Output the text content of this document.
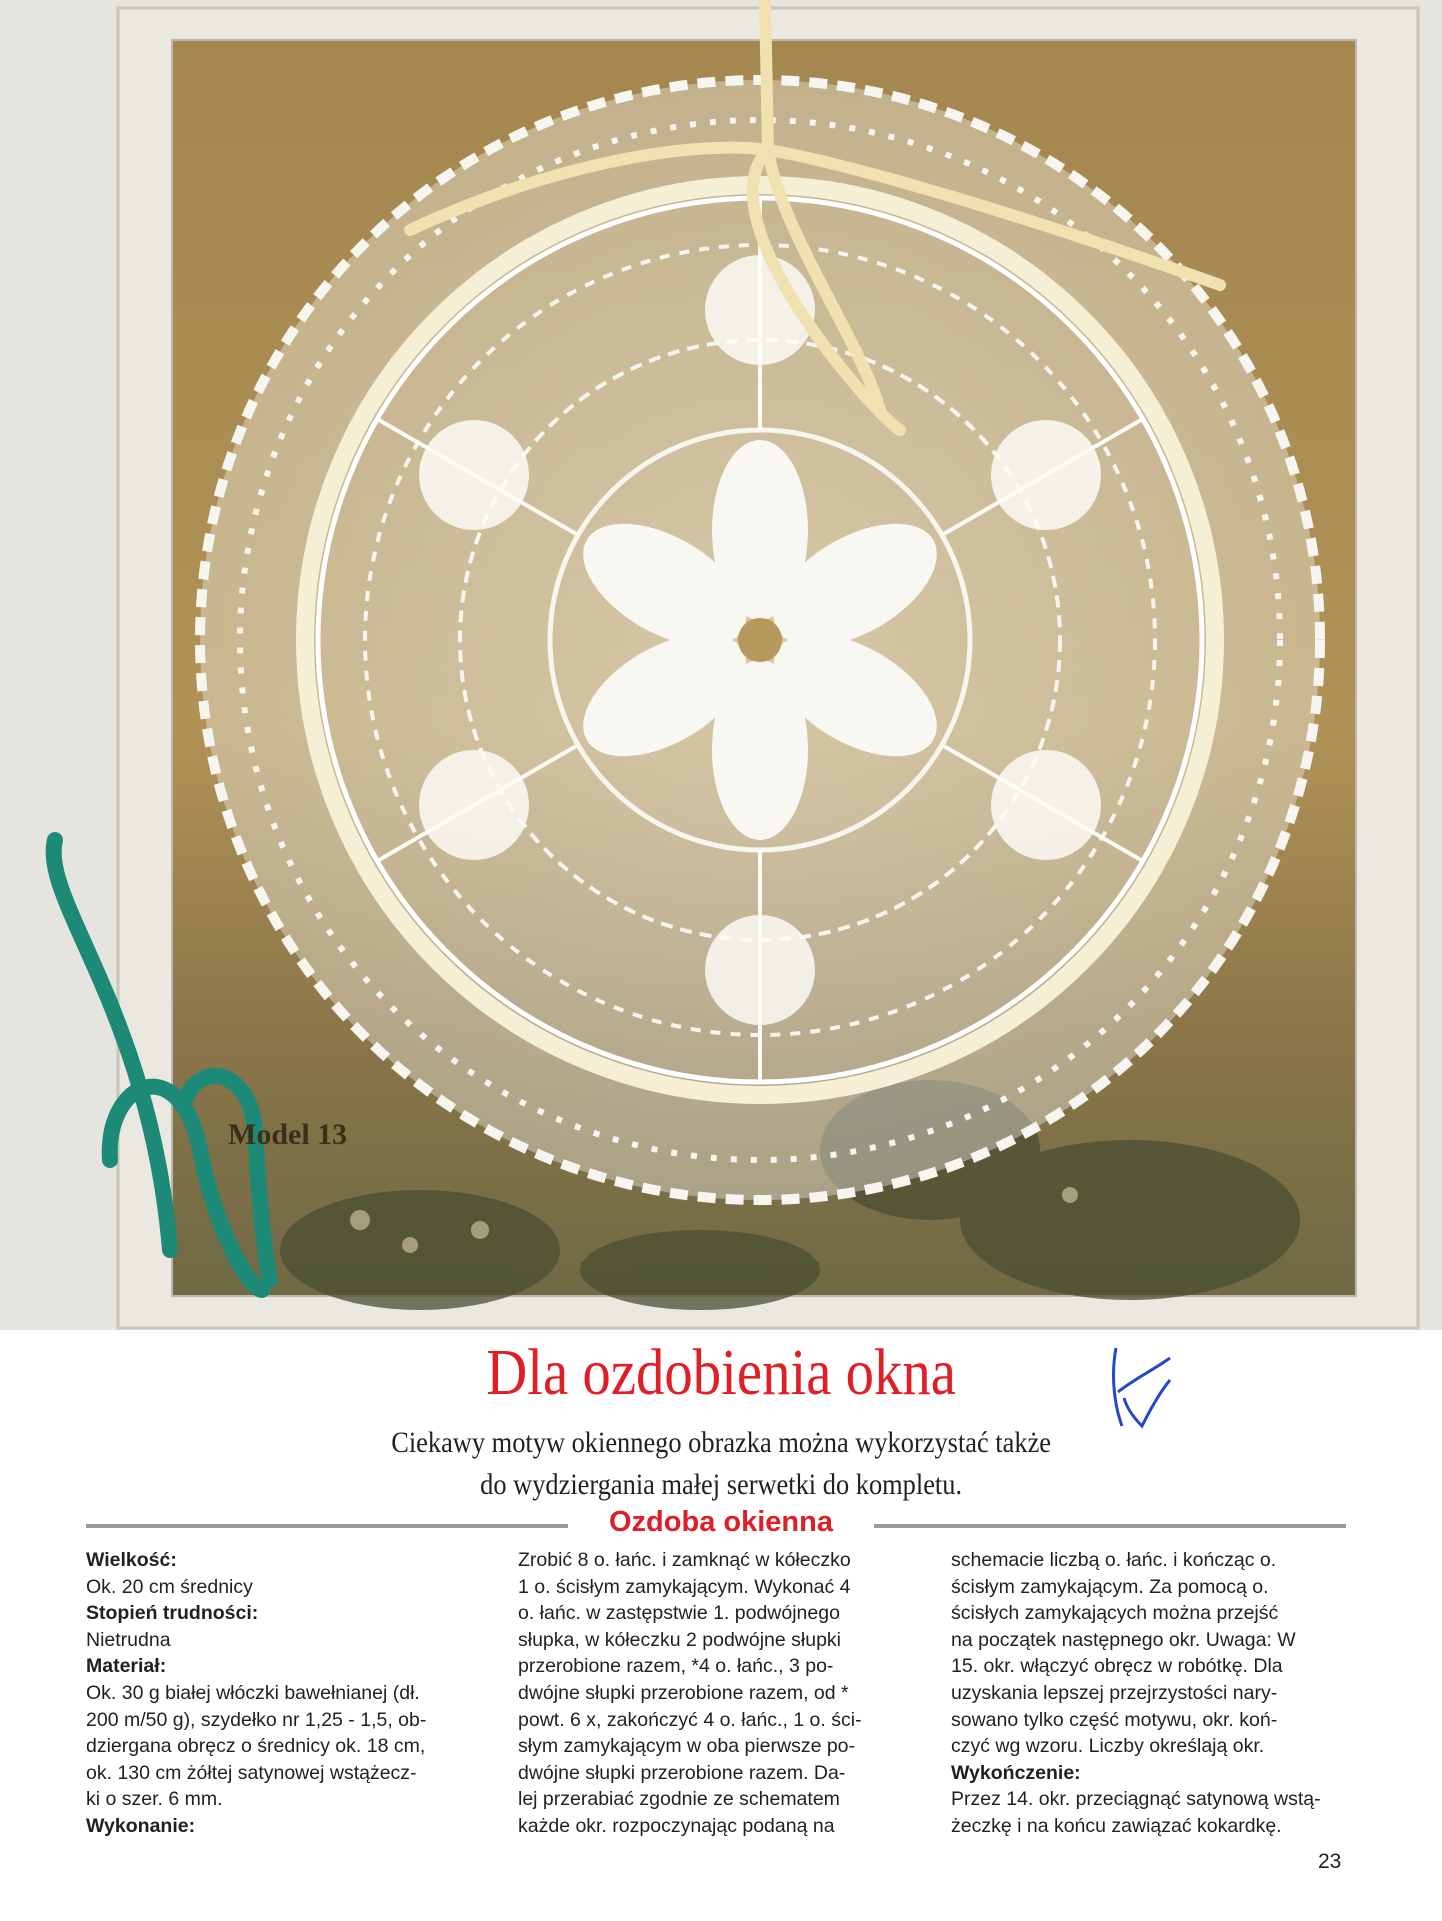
Model 13
Dla ozdobienia okna
Ciekawy motyw okiennego obrazka można wykorzystać także
do wydziergania małej serwetki do kompletu.
Ozdoba okienna
Wielkość:
Ok. 20 cm średnicy
Stopień trudności:
Nietrudna
Materiał:
Ok. 30 g białej włóczki bawełnianej (dł.
200 m/50 g), szydełko nr 1,25 - 1,5, ob-
dziergana obręcz o średnicy ok. 18 cm,
ok. 130 cm żółtej satynowej wstążecz-
ki o szer. 6 mm.
Wykonanie:
Zrobić 8 o. łańc. i zamknąć w kółeczko
1 o. ścisłym zamykającym. Wykonać 4
o. łańc. w zastępstwie 1. podwójnego
słupka, w kółeczku 2 podwójne słupki
przerobione razem, *4 o. łańc., 3 po-
dwójne słupki przerobione razem, od *
powt. 6 x, zakończyć 4 o. łańc., 1 o. ści-
słym zamykającym w oba pierwsze po-
dwójne słupki przerobione razem. Da-
lej przerabiać zgodnie ze schematem
każde okr. rozpoczynając podaną na
schemacie liczbą o. łańc. i kończąc o.
ścisłym zamykającym. Za pomocą o.
ścisłych zamykających można przejść
na początek następnego okr. Uwaga: W
15. okr. włączyć obręcz w robótkę. Dla
uzyskania lepszej przejrzystości nary-
sowano tylko część motywu, okr. koń-
czyć wg wzoru. Liczby określają okr.
Wykończenie:
Przez 14. okr. przeciągnąć satynową wstą-
żeczkę i na końcu zawiązać kokardkę.
23
